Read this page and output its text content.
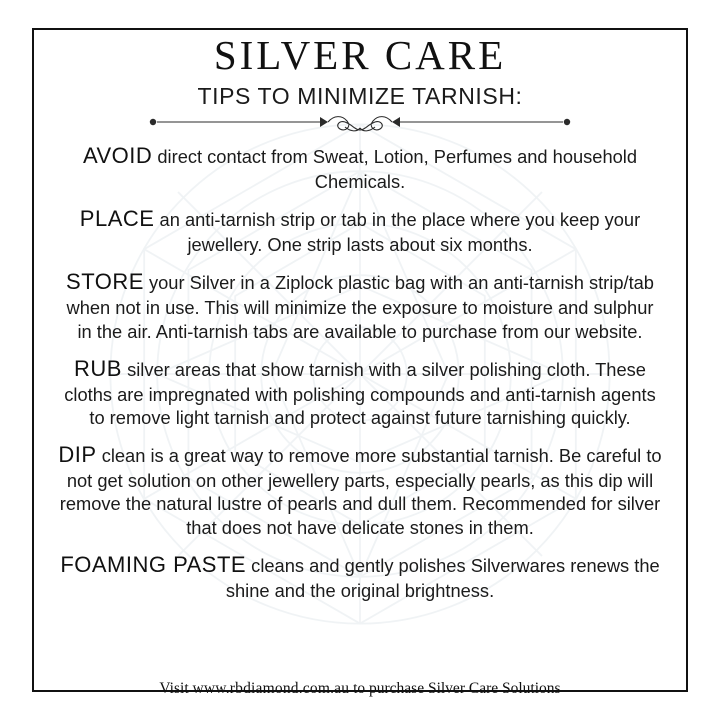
SILVER CARE
TIPS TO MINIMIZE TARNISH:

AVOID direct contact from Sweat, Lotion, Perfumes and household Chemicals.

PLACE an anti-tarnish strip or tab in the place where you keep your jewellery. One strip lasts about six months.

STORE your Silver in a Ziplock plastic bag with an anti-tarnish strip/tab when not in use. This will minimize the exposure to moisture and sulphur in the air. Anti-tarnish tabs are available to purchase from our website.

RUB silver areas that show tarnish with a silver polishing cloth. These cloths are impregnated with polishing compounds and anti-tarnish agents to remove light tarnish and protect against future tarnishing quickly.

DIP clean is a great way to remove more substantial tarnish. Be careful to not get solution on other jewellery parts, especially pearls, as this dip will remove the natural lustre of pearls and dull them. Recommended for silver that does not have delicate stones in them.

FOAMING PASTE cleans and gently polishes Silverwares renews the shine and the original brightness.

Visit www.rbdiamond.com.au to purchase Silver Care Solutions
